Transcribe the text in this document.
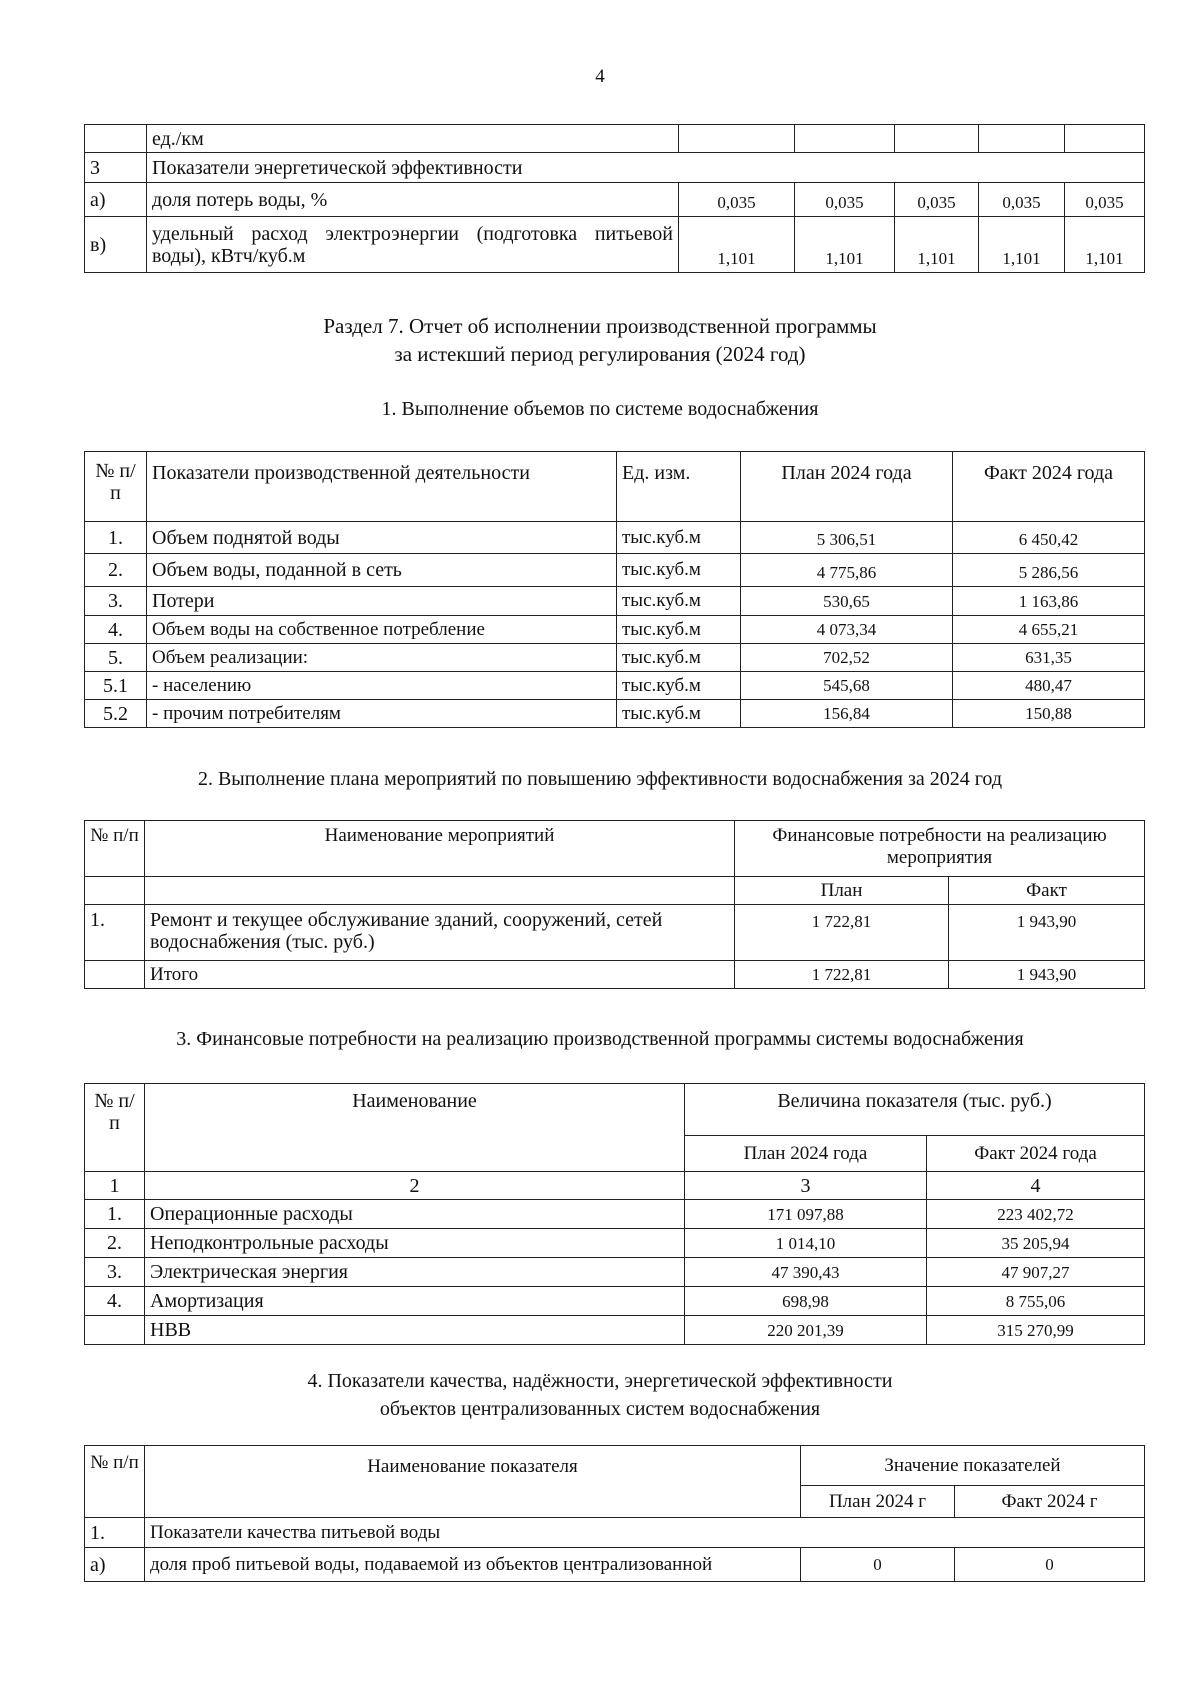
4
	ед./км					
3	Показатели энергетической эффективности					
а)	доля потерь воды, %	0,035	0,035	0,035	0,035	0,035
в)	удельный расход электроэнергии (подготовка питьевой воды), кВтч/куб.м	1,101	1,101	1,101	1,101	1,101
Раздел 7. Отчет об исполнении производственной программы
за истекший период регулирования (2024 год)
1. Выполнение объемов по системе водоснабжения
№ п/п	Показатели производственной деятельности	Ед. изм.	План 2024 года	Факт 2024 года
1.	Объем поднятой воды	тыс.куб.м	5 306,51	6 450,42
2.	Объем воды, поданной в сеть	тыс.куб.м	4 775,86	5 286,56
3.	Потери	тыс.куб.м	530,65	1 163,86
4.	Объем воды на собственное потребление	тыс.куб.м	4 073,34	4 655,21
5.	Объем реализации:	тыс.куб.м	702,52	631,35
5.1	- населению	тыс.куб.м	545,68	480,47
5.2	- прочим потребителям	тыс.куб.м	156,84	150,88
2. Выполнение плана мероприятий по повышению эффективности водоснабжения за 2024 год
№ п/п	Наименование мероприятий	Финансовые потребности на реализацию мероприятия	
		План	Факт
1.	Ремонт и текущее обслуживание зданий, сооружений, сетей водоснабжения (тыс. руб.)	1 722,81	1 943,90
	Итого	1 722,81	1 943,90
3. Финансовые потребности на реализацию производственной программы системы водоснабжения
№ п/п	Наименование	Величина показателя (тыс. руб.)	
		План 2024 года	Факт 2024 года
1	2	3	4
1.	Операционные расходы	171 097,88	223 402,72
2.	Неподконтрольные расходы	1 014,10	35 205,94
3.	Электрическая энергия	47 390,43	47 907,27
4.	Амортизация	698,98	8 755,06
	НВВ	220 201,39	315 270,99
4. Показатели качества, надёжности, энергетической эффективности
объектов централизованных систем водоснабжения
№ п/п	Наименование показателя	Значение показателей	
		План 2024 г	Факт 2024 г
1.	Показатели качества питьевой воды		
а)	доля проб питьевой воды, подаваемой из объектов централизованной	0	0
